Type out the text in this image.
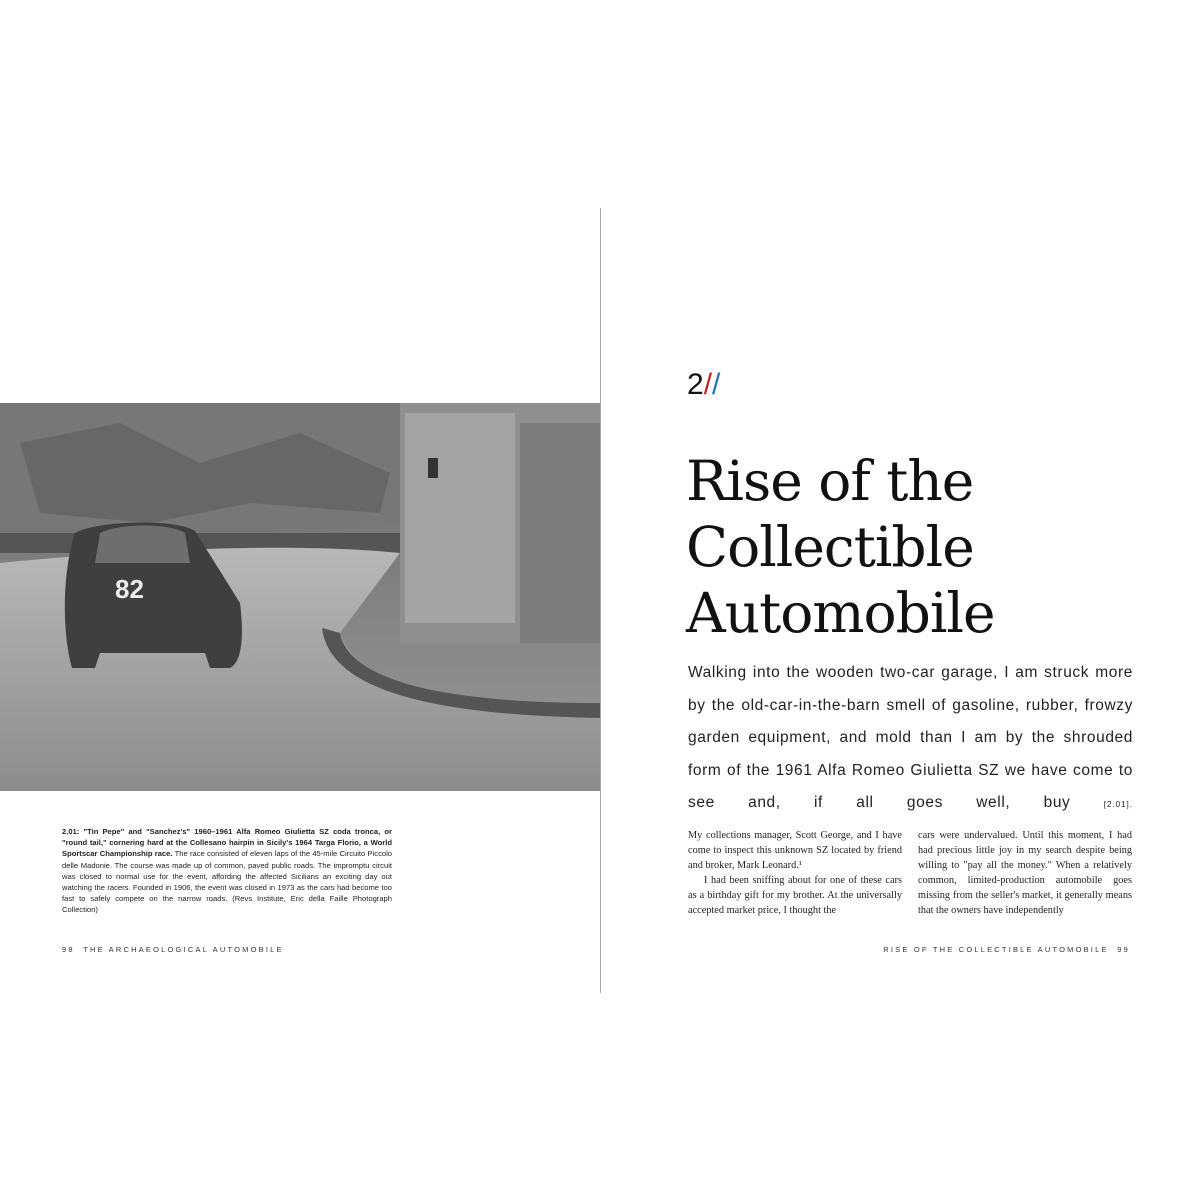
82
2.01: "Tin Pepe" and "Sanchez's" 1960–1961 Alfa Romeo Giulietta SZ coda tronca, or "round tail," cornering hard at the Collesano hairpin in Sicily's 1964 Targa Florio, a World Sportscar Championship race. The race consisted of eleven laps of the 45-mile Circuito Piccolo delle Madonie. The course was made up of common, paved public roads. The impromptu circuit was closed to normal use for the event, affording the affected Sicilians an exciting day out watching the racers. Founded in 1906, the event was closed in 1973 as the cars had become too fast to safely compete on the narrow roads. (Revs Institute, Eric della Faille Photograph Collection)
98 THE ARCHAEOLOGICAL AUTOMOBILE
2//
Rise of the
Collectible
Automobile
Walking into the wooden two-car garage, I am struck more by the old-car-in-the-barn smell of gasoline, rubber, frowzy garden equipment, and mold than I am by the shrouded form of the 1961 Alfa Romeo Giulietta SZ we have come to see and, if all goes well, buy	[2.01].

My collections manager, Scott George, and I have come to inspect this unknown SZ located by friend and broker, Mark Leonard.¹

I had been sniffing about for one of these cars as a birthday gift for my brother. At the universally accepted market price, I thought the

cars were undervalued. Until this moment, I had had precious little joy in my search despite being willing to "pay all the money." When a relatively common, limited-production automobile goes missing from the seller's market, it generally means that the owners have independently

RISE OF THE COLLECTIBLE AUTOMOBILE 99
